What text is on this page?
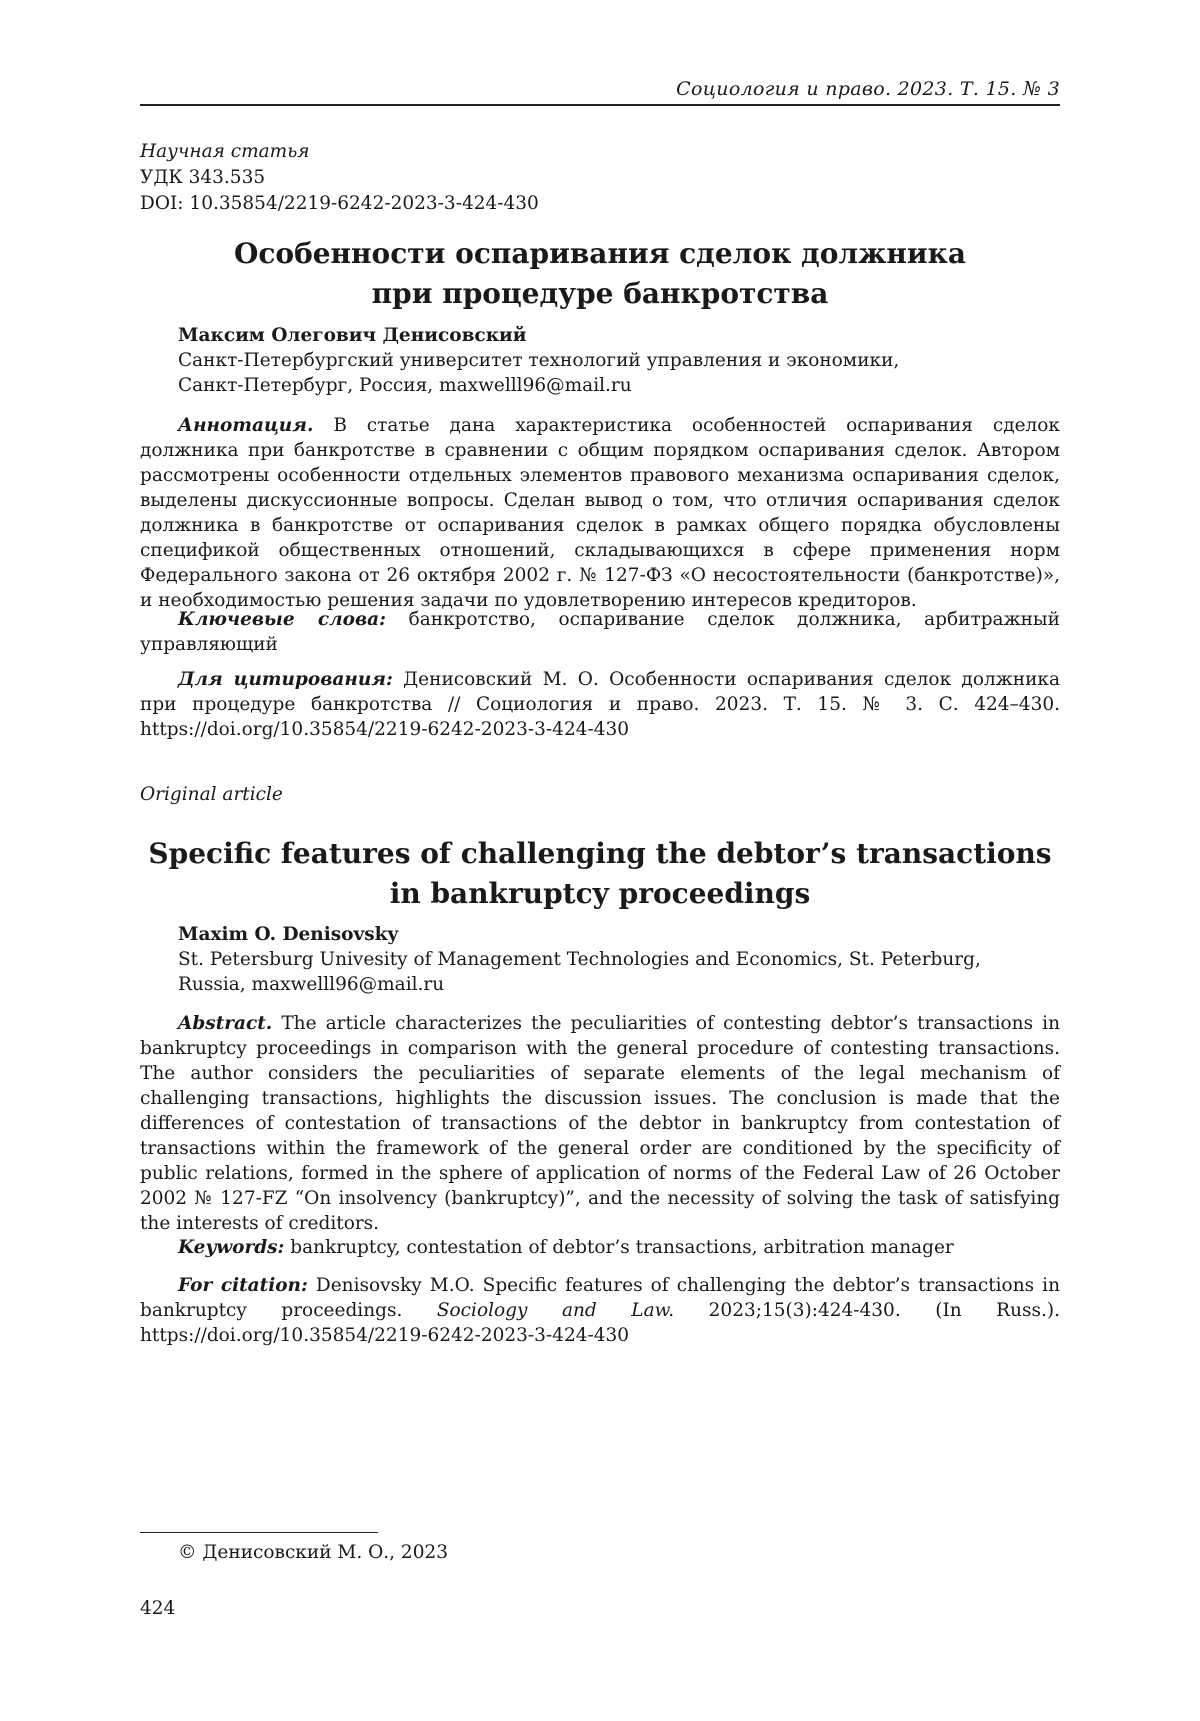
Социология и право. 2023. Т. 15. № 3
Научная статья
УДК 343.535
DOI: 10.35854/2219-6242-2023-3-424-430
Особенности оспаривания сделок должника
при процедуре банкротства
Максим Олегович Денисовский
Санкт-Петербургский университет технологий управления и экономики,
Санкт-Петербург, Россия, maxwelll96@mail.ru
Аннотация. В статье дана характеристика особенностей оспаривания сделок должника при банкротстве в сравнении с общим порядком оспаривания сделок. Автором рассмотрены особенности отдельных элементов правового механизма оспаривания сделок, выделены дискуссионные вопросы. Сделан вывод о том, что отличия оспаривания сделок должника в банкротстве от оспаривания сделок в рамках общего порядка обусловлены спецификой общественных отношений, складывающихся в сфере применения норм Федерального закона от 26 октября 2002 г. № 127-ФЗ «О несостоятельности (банкротстве)», и необходимостью решения задачи по удовлетворению интересов кредиторов.
Ключевые слова: банкротство, оспаривание сделок должника, арбитражный управляющий
Для цитирования: Денисовский М. О. Особенности оспаривания сделок должника при процедуре банкротства // Социология и право. 2023. Т. 15. № 3. С. 424–430. https://doi.org/10.35854/2219-6242-2023-3-424-430
Original article
Specific features of challenging the debtor’s transactions
in bankruptcy proceedings
Maxim O. Denisovsky
St. Petersburg Univesity of Management Technologies and Economics, St. Peterburg,
Russia, maxwelll96@mail.ru
Abstract. The article characterizes the peculiarities of contesting debtor’s transactions in bankruptcy proceedings in comparison with the general procedure of contesting transactions. The author considers the peculiarities of separate elements of the legal mechanism of challenging transactions, highlights the discussion issues. The conclusion is made that the differences of contestation of transactions of the debtor in bankruptcy from contestation of transactions within the framework of the general order are conditioned by the specificity of public relations, formed in the sphere of application of norms of the Federal Law of 26 October 2002 № 127-FZ “On insolvency (bankruptcy)”, and the necessity of solving the task of satisfying the interests of creditors.
Keywords: bankruptcy, contestation of debtor’s transactions, arbitration manager
For citation: Denisovsky M.O. Specific features of challenging the debtor’s transactions in bankruptcy proceedings. Sociology and Law. 2023;15(3):424-430. (In Russ.). https://doi.org/10.35854/2219-6242-2023-3-424-430
© Денисовский М. О., 2023
424
